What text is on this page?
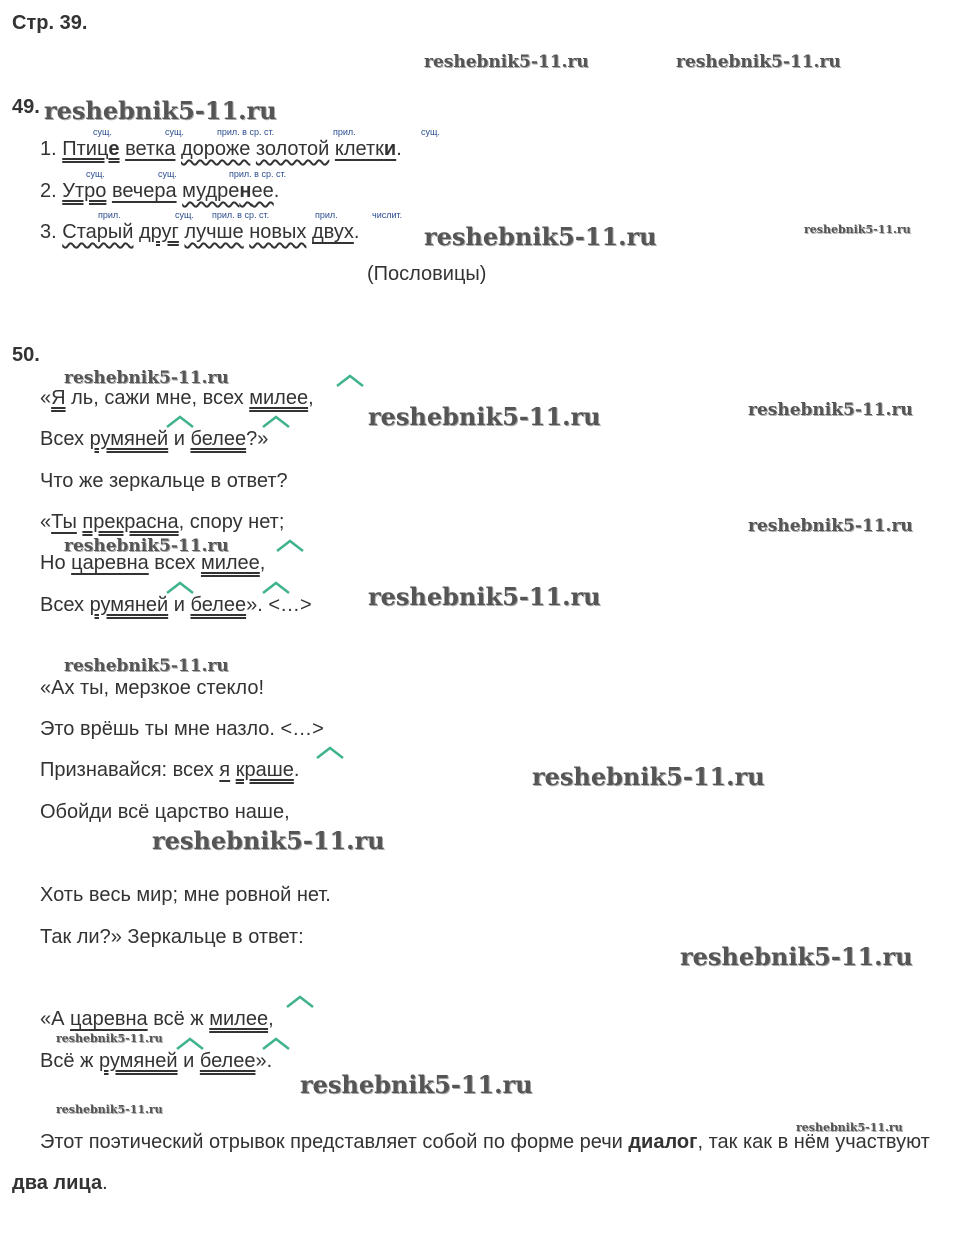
Стр. 39.
reshebnik5-11.ru	reshebnik5-11.ru
reshebnik5-11.ru
reshebnik5-11.ru	reshebnik5-11.ru
reshebnik5-11.ru
reshebnik5-11.ru	reshebnik5-11.ru
reshebnik5-11.ru
reshebnik5-11.ru
reshebnik5-11.ru
reshebnik5-11.ru
reshebnik5-11.ru
reshebnik5-11.ru
reshebnik5-11.ru
reshebnik5-11.ru
reshebnik5-11.ru
reshebnik5-11.ru
reshebnik5-11.ru
49.
сущ.	сущ.	прил. в ср. ст.	прил.	сущ.
1. Птице ветка дороже золотой клетки.
сущ.	сущ.	прил. в ср. ст.
2. Утро вечера мудренее.
прил.	сущ. прил. в ср. ст.	прил.	числит.
3. Старый друг лучше новых двух.
(Пословицы)
50.
«Я ль, сажи мне, всех милее,
Всех румяней и белее?»
Что же зеркальце в ответ?
«Ты прекрасна, спору нет;
Но царевна всех милее,
Всех румяней и белее». <…>
«Ах ты, мерзкое стекло!
Это врёшь ты мне назло. <…>
Признавайся: всех я краше.
Обойди всё царство наше,
Хоть весь мир; мне ровной нет.
Так ли?» Зеркальце в ответ:
«А царевна всё ж милее,
Всё ж румяней и белее».
Этот поэтический отрывок представляет собой по форме речи диалог, так как в нём участвуют два лица.
